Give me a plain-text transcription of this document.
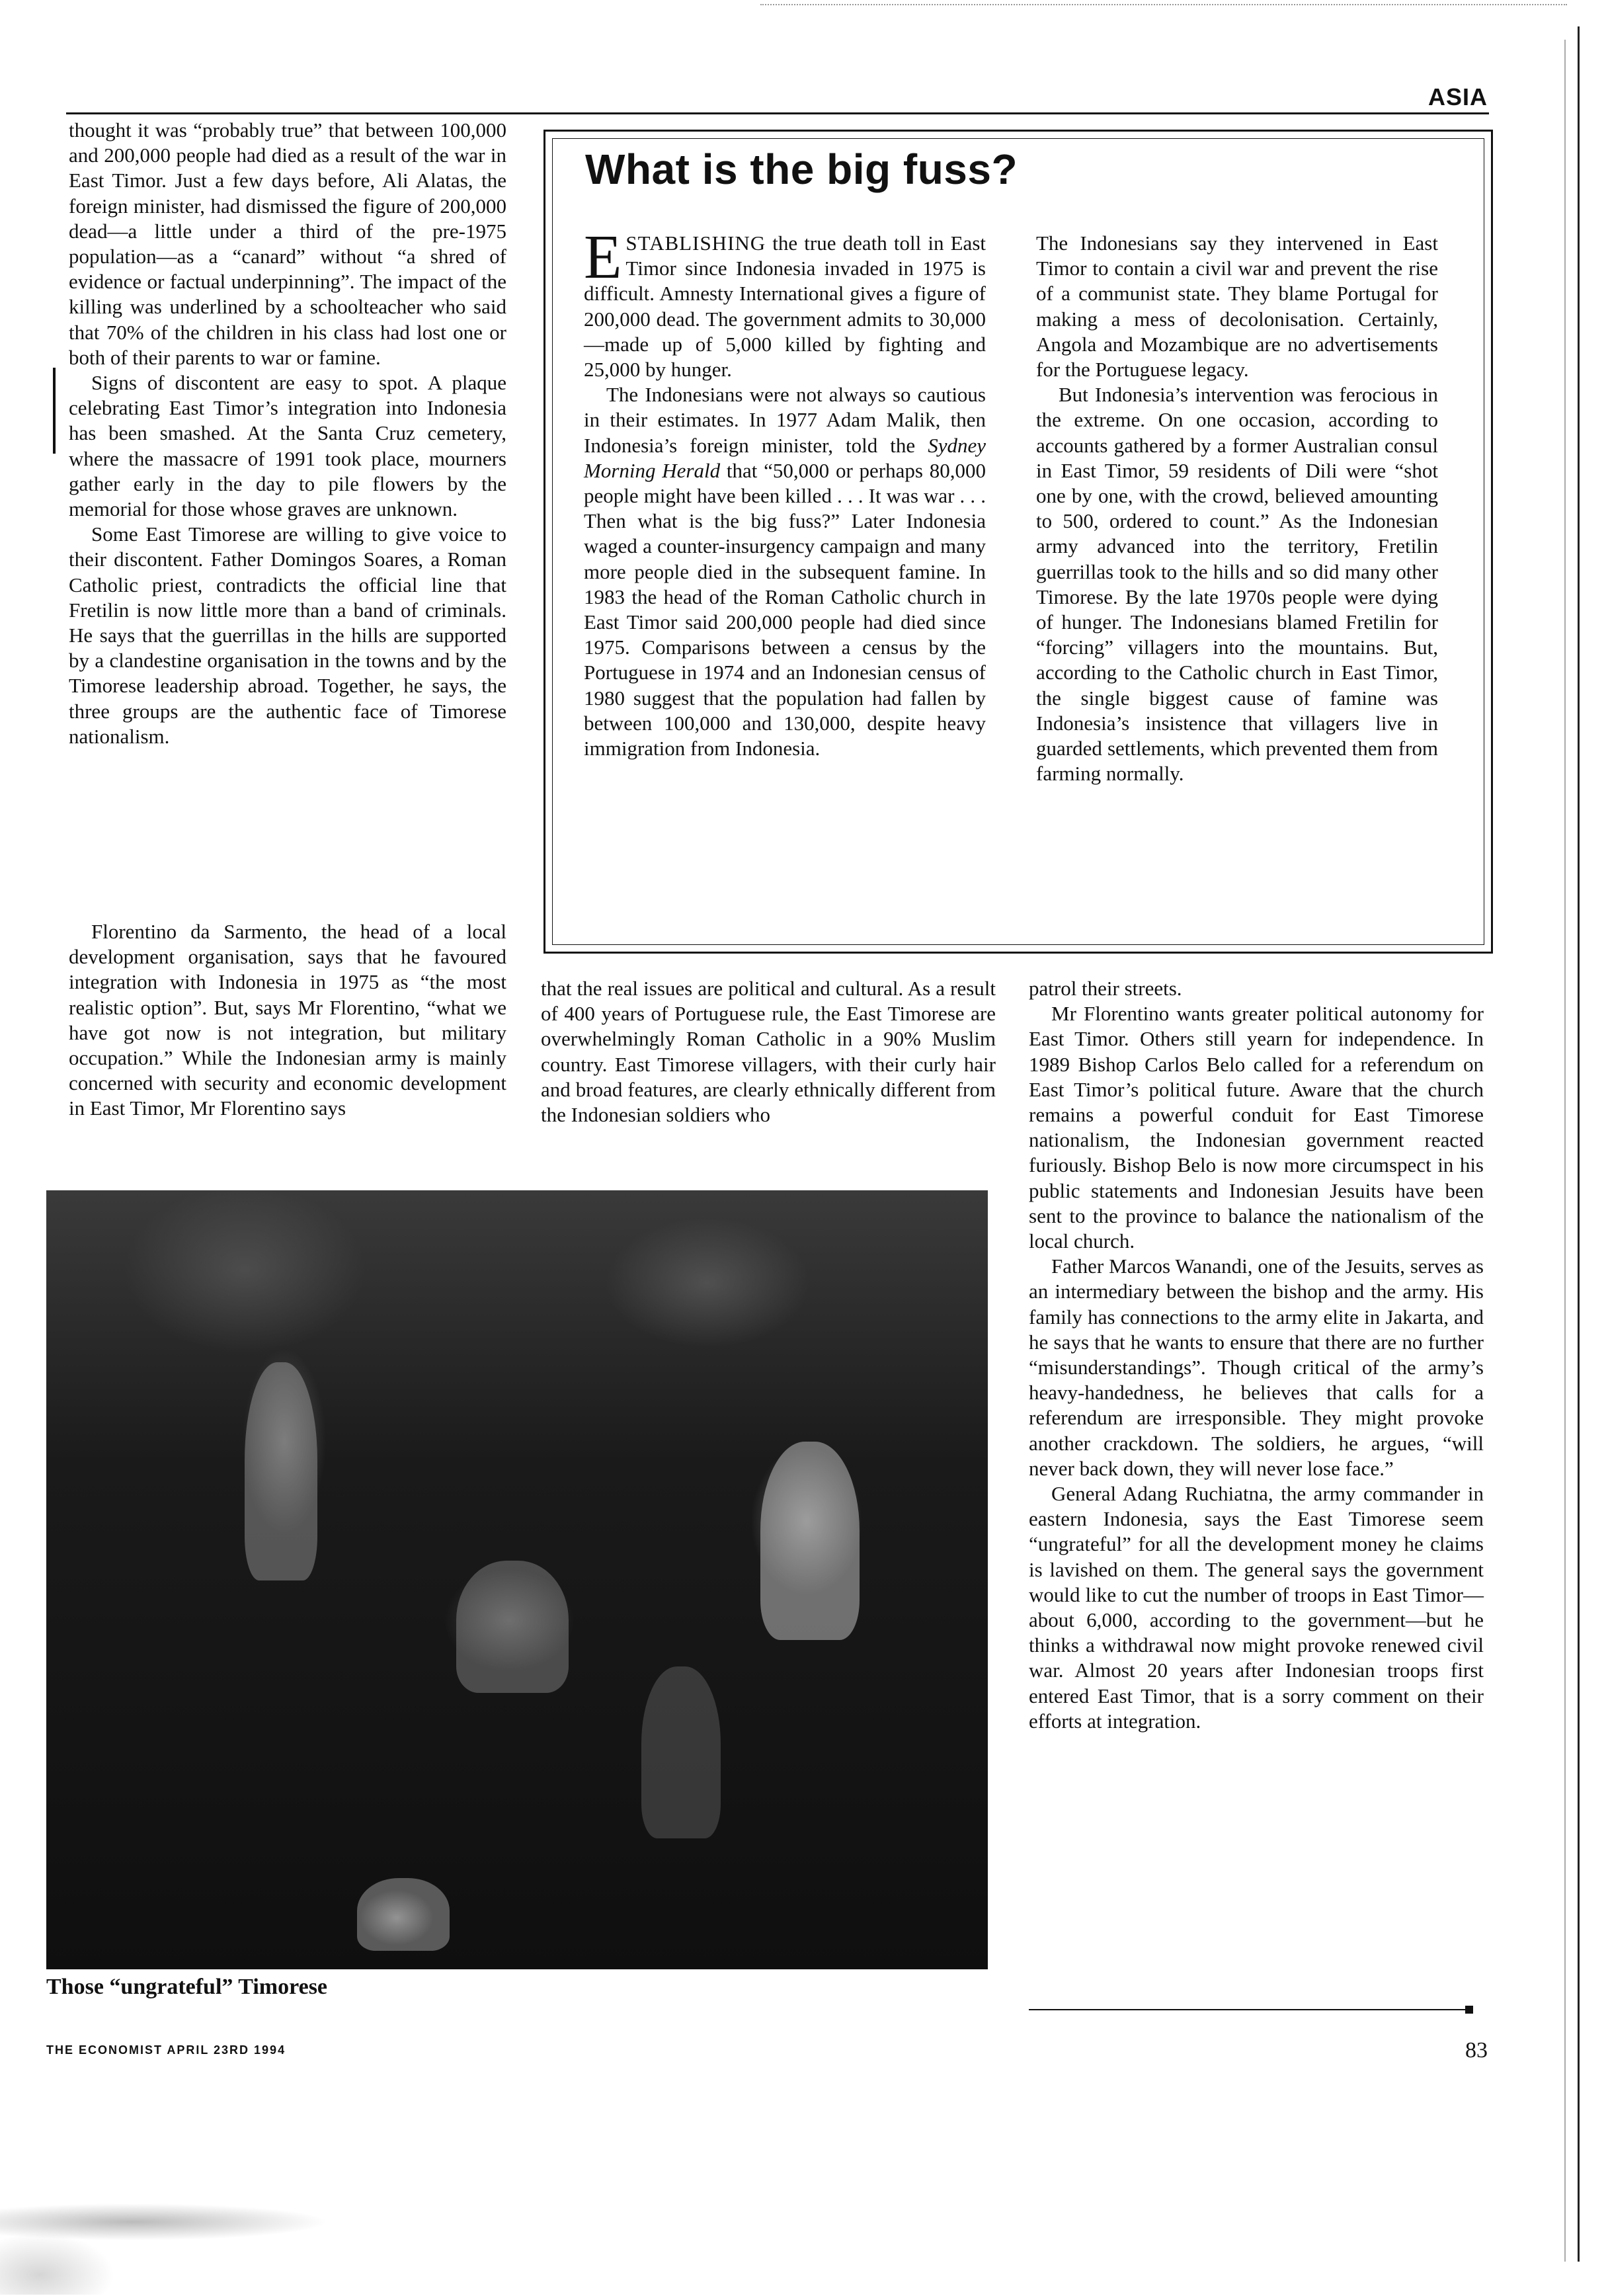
ASIA

thought it was “probably true” that between 100,000 and 200,000 people had died as a result of the war in East Timor. Just a few days before, Ali Alatas, the foreign minister, had dismissed the figure of 200,000 dead—a little under a third of the pre-1975 population—as a “canard” without “a shred of evidence or factual underpinning”. The impact of the killing was underlined by a schoolteacher who said that 70% of the children in his class had lost one or both of their parents to war or famine.

Signs of discontent are easy to spot. A plaque celebrating East Timor’s integration into Indonesia has been smashed. At the Santa Cruz cemetery, where the massacre of 1991 took place, mourners gather early in the day to pile flowers by the memorial for those whose graves are unknown.

Some East Timorese are willing to give voice to their discontent. Father Domingos Soares, a Roman Catholic priest, contradicts the official line that Fretilin is now little more than a band of criminals. He says that the guerrillas in the hills are supported by a clandestine organisation in the towns and by the Timorese leadership abroad. Together, he says, the three groups are the authentic face of Timorese nationalism.

What is the big fuss?

ESTABLISHING the true death toll in East Timor since Indonesia invaded in 1975 is difficult. Amnesty International gives a figure of 200,000 dead. The government admits to 30,000—made up of 5,000 killed by fighting and 25,000 by hunger.

The Indonesians were not always so cautious in their estimates. In 1977 Adam Malik, then Indonesia’s foreign minister, told the Sydney Morning Herald that “50,000 or perhaps 80,000 people might have been killed . . . It was war . . . Then what is the big fuss?” Later Indonesia waged a counter-insurgency campaign and many more people died in the subsequent famine. In 1983 the head of the Roman Catholic church in East Timor said 200,000 people had died since 1975. Comparisons between a census by the Portuguese in 1974 and an Indonesian census of 1980 suggest that the population had fallen by between 100,000 and 130,000, despite heavy immigration from Indonesia.

The Indonesians say they intervened in East Timor to contain a civil war and prevent the rise of a communist state. They blame Portugal for making a mess of decolonisation. Certainly, Angola and Mozambique are no advertisements for the Portuguese legacy.

But Indonesia’s intervention was ferocious in the extreme. On one occasion, according to accounts gathered by a former Australian consul in East Timor, 59 residents of Dili were “shot one by one, with the crowd, believed amounting to 500, ordered to count.” As the Indonesian army advanced into the territory, Fretilin guerrillas took to the hills and so did many other Timorese. By the late 1970s people were dying of hunger. The Indonesians blamed Fretilin for “forcing” villagers into the mountains. But, according to the Catholic church in East Timor, the single biggest cause of famine was Indonesia’s insistence that villagers live in guarded settlements, which prevented them from farming normally.

Florentino da Sarmento, the head of a local development organisation, says that he favoured integration with Indonesia in 1975 as “the most realistic option”. But, says Mr Florentino, “what we have got now is not integration, but military occupation.” While the Indonesian army is mainly concerned with security and economic development in East Timor, Mr Florentino says

that the real issues are political and cultural. As a result of 400 years of Portuguese rule, the East Timorese are overwhelmingly Roman Catholic in a 90% Muslim country. East Timorese villagers, with their curly hair and broad features, are clearly ethnically different from the Indonesian soldiers who

patrol their streets.

Mr Florentino wants greater political autonomy for East Timor. Others still yearn for independence. In 1989 Bishop Carlos Belo called for a referendum on East Timor’s political future. Aware that the church remains a powerful conduit for East Timorese nationalism, the Indonesian government reacted furiously. Bishop Belo is now more circumspect in his public statements and Indonesian Jesuits have been sent to the province to balance the nationalism of the local church.

Father Marcos Wanandi, one of the Jesuits, serves as an intermediary between the bishop and the army. His family has connections to the army elite in Jakarta, and he says that he wants to ensure that there are no further “misunderstandings”. Though critical of the army’s heavy-handedness, he believes that calls for a referendum are irresponsible. They might provoke another crackdown. The soldiers, he argues, “will never back down, they will never lose face.”

General Adang Ruchiatna, the army commander in eastern Indonesia, says the East Timorese seem “ungrateful” for all the development money he claims is lavished on them. The general says the government would like to cut the number of troops in East Timor—about 6,000, according to the government—but he thinks a withdrawal now might provoke renewed civil war. Almost 20 years after Indonesian troops first entered East Timor, that is a sorry comment on their efforts at integration.

Those “ungrateful” Timorese

THE ECONOMIST APRIL 23RD 1994	83
